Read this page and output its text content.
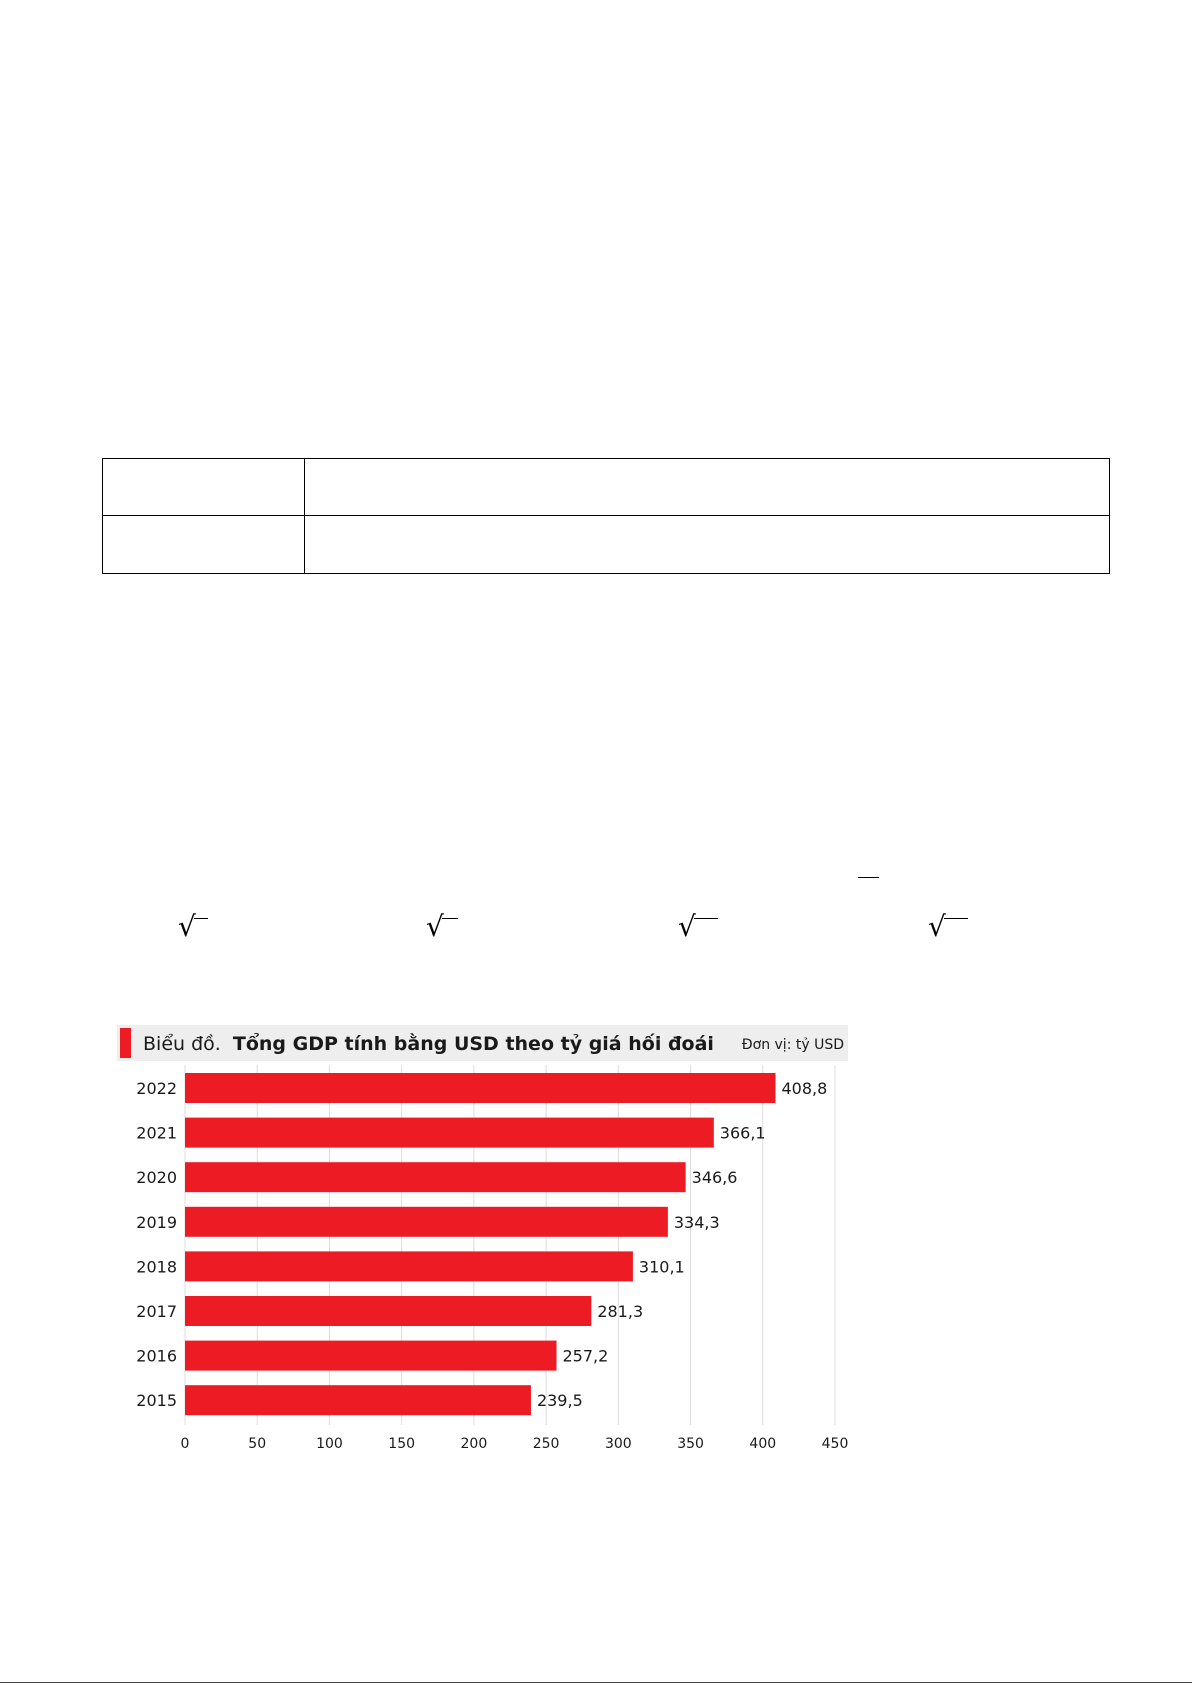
√	√	√	√
Biểu đồ. Tổng GDP tính bằng USD theo tỷ giá hối đoái Đơn vị: tỷ USD
0	50	100	150	200	250	300	350	400	450
2022	408,8
2021	366,1
2020	346,6
2019	334,3
2018	310,1
2017	281,3
2016	257,2
2015	239,5
